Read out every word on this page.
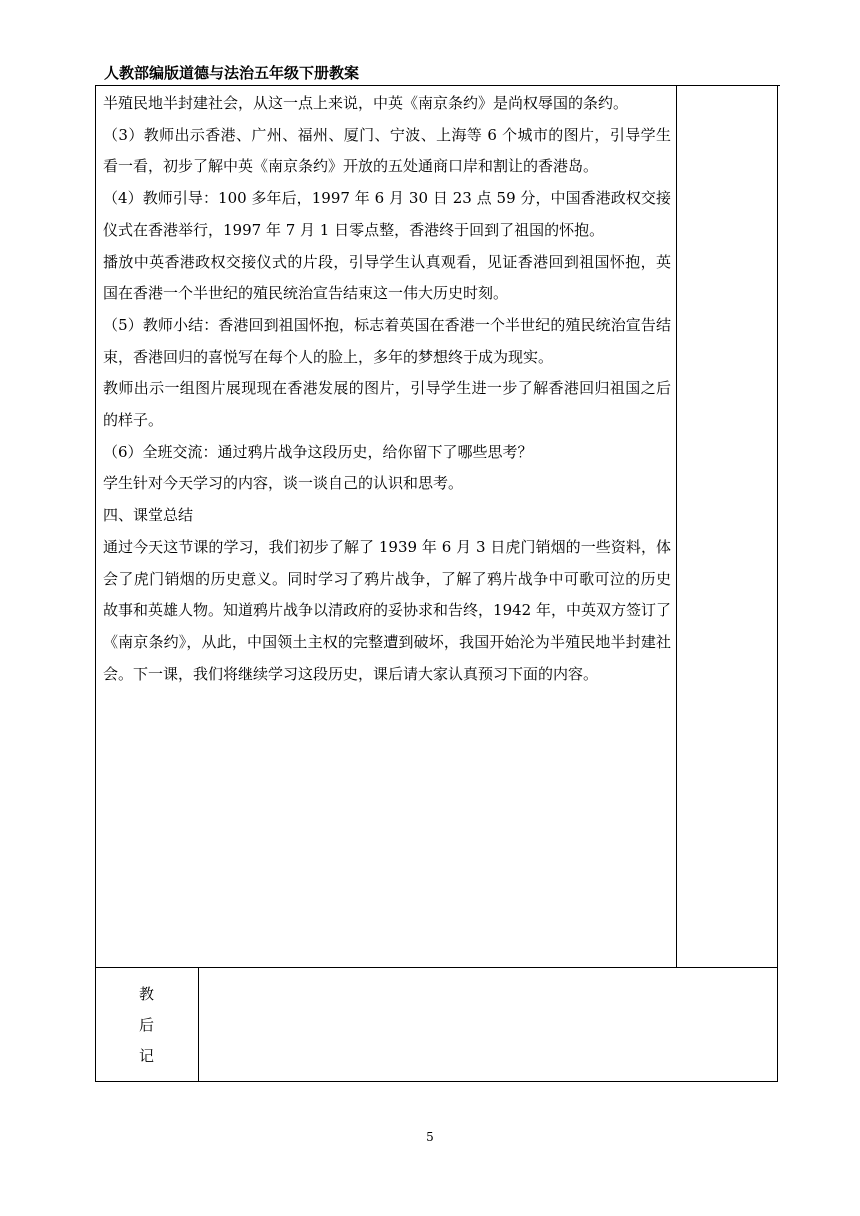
人教部编版道德与法治五年级下册教案

半殖民地半封建社会，从这一点上来说，中英《南京条约》是尚权辱国的条约。

（3）教师出示香港、广州、福州、厦门、宁波、上海等 6 个城市的图片，引导学生看一看，初步了解中英《南京条约》开放的五处通商口岸和割让的香港岛。

（4）教师引导：100 多年后，1997 年 6 月 30 日 23 点 59 分，中国香港政权交接仪式在香港举行，1997 年 7 月 1 日零点整，香港终于回到了祖国的怀抱。

播放中英香港政权交接仪式的片段，引导学生认真观看，见证香港回到祖国怀抱，英国在香港一个半世纪的殖民统治宣告结束这一伟大历史时刻。

（5）教师小结：香港回到祖国怀抱，标志着英国在香港一个半世纪的殖民统治宣告结束，香港回归的喜悦写在每个人的脸上，多年的梦想终于成为现实。

教师出示一组图片展现现在香港发展的图片，引导学生进一步了解香港回归祖国之后的样子。

（6）全班交流：通过鸦片战争这段历史，给你留下了哪些思考？

学生针对今天学习的内容，谈一谈自己的认识和思考。

四、课堂总结

通过今天这节课的学习，我们初步了解了 1939 年 6 月 3 日虎门销烟的一些资料，体会了虎门销烟的历史意义。同时学习了鸦片战争，了解了鸦片战争中可歌可泣的历史故事和英雄人物。知道鸦片战争以清政府的妥协求和告终，1942 年，中英双方签订了《南京条约》，从此，中国领土主权的完整遭到破坏，我国开始沦为半殖民地半封建社会。下一课，我们将继续学习这段历史，课后请大家认真预习下面的内容。

教
后
记
5
